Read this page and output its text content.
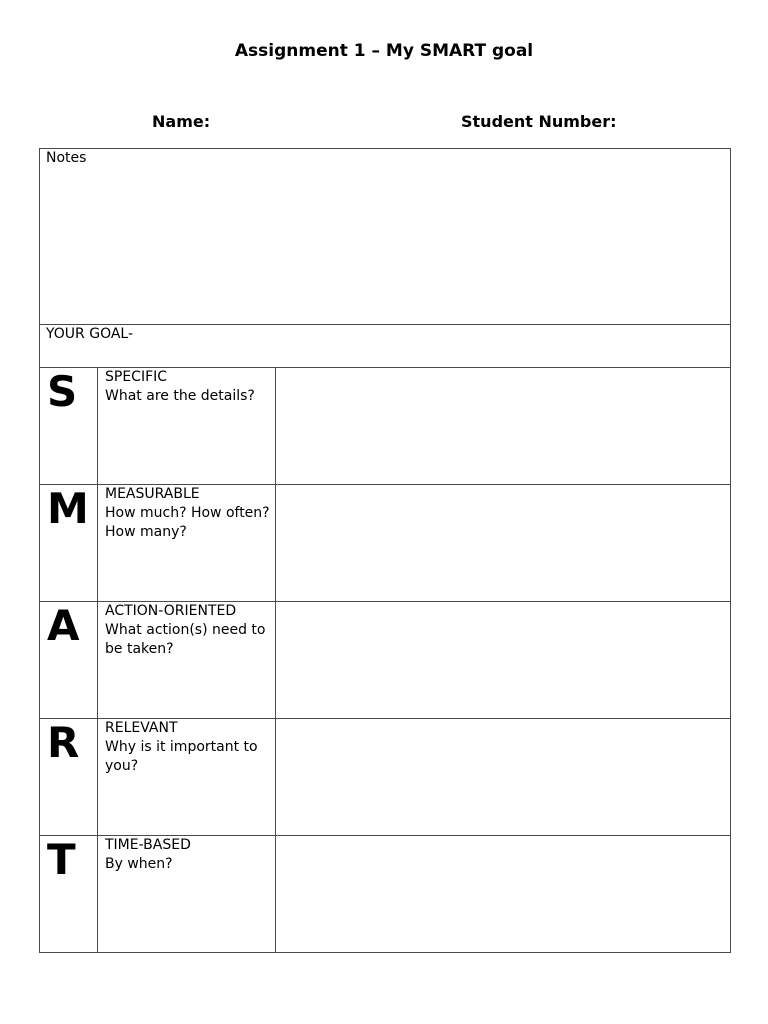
Assignment 1 – My SMART goal
Name:	Student Number:
Notes		

YOUR GOAL-		

S	SPECIFIC
What are the details?	

M	MEASURABLE
How much? How often? How many?	

A	ACTION-ORIENTED
What action(s) need to be taken?	

R	RELEVANT
Why is it important to you?	

T	TIME-BASED
By when?	
